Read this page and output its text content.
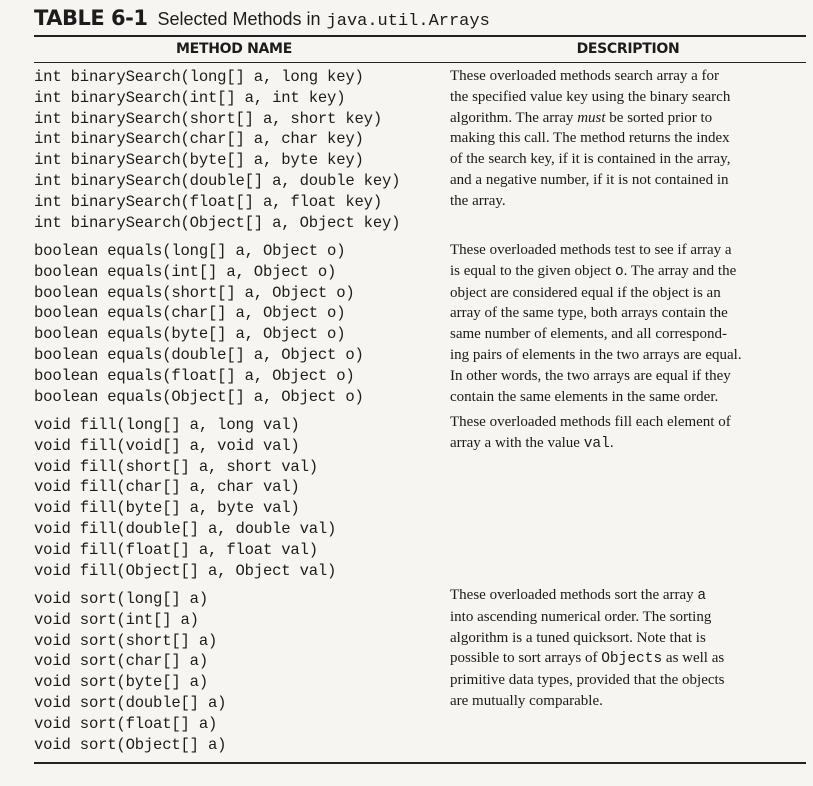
TABLE 6-1 Selected Methods in java.util.Arrays
METHOD NAME	DESCRIPTION
int binarySearch(long[] a, long key)
int binarySearch(int[] a, int key)
int binarySearch(short[] a, short key)
int binarySearch(char[] a, char key)
int binarySearch(byte[] a, byte key)
int binarySearch(double[] a, double key)
int binarySearch(float[] a, float key)
int binarySearch(Object[] a, Object key)
boolean equals(long[] a, Object o)
boolean equals(int[] a, Object o)
boolean equals(short[] a, Object o)
boolean equals(char[] a, Object o)
boolean equals(byte[] a, Object o)
boolean equals(double[] a, Object o)
boolean equals(float[] a, Object o)
boolean equals(Object[] a, Object o)
void fill(long[] a, long val)
void fill(void[] a, void val)
void fill(short[] a, short val)
void fill(char[] a, char val)
void fill(byte[] a, byte val)
void fill(double[] a, double val)
void fill(float[] a, float val)
void fill(Object[] a, Object val)
void sort(long[] a)
void sort(int[] a)
void sort(short[] a)
void sort(char[] a)
void sort(byte[] a)
void sort(double[] a)
void sort(float[] a)
void sort(Object[] a)
These overloaded methods search array a for
the specified value key using the binary search
algorithm. The array must be sorted prior to
making this call. The method returns the index
of the search key, if it is contained in the array,
and a negative number, if it is not contained in
the array.
These overloaded methods test to see if array a
is equal to the given object o. The array and the
object are considered equal if the object is an
array of the same type, both arrays contain the
same number of elements, and all correspond-
ing pairs of elements in the two arrays are equal.
In other words, the two arrays are equal if they
contain the same elements in the same order.
These overloaded methods fill each element of
array a with the value val.
These overloaded methods sort the array a
into ascending numerical order. The sorting
algorithm is a tuned quicksort. Note that is
possible to sort arrays of Objects as well as
primitive data types, provided that the objects
are mutually comparable.
